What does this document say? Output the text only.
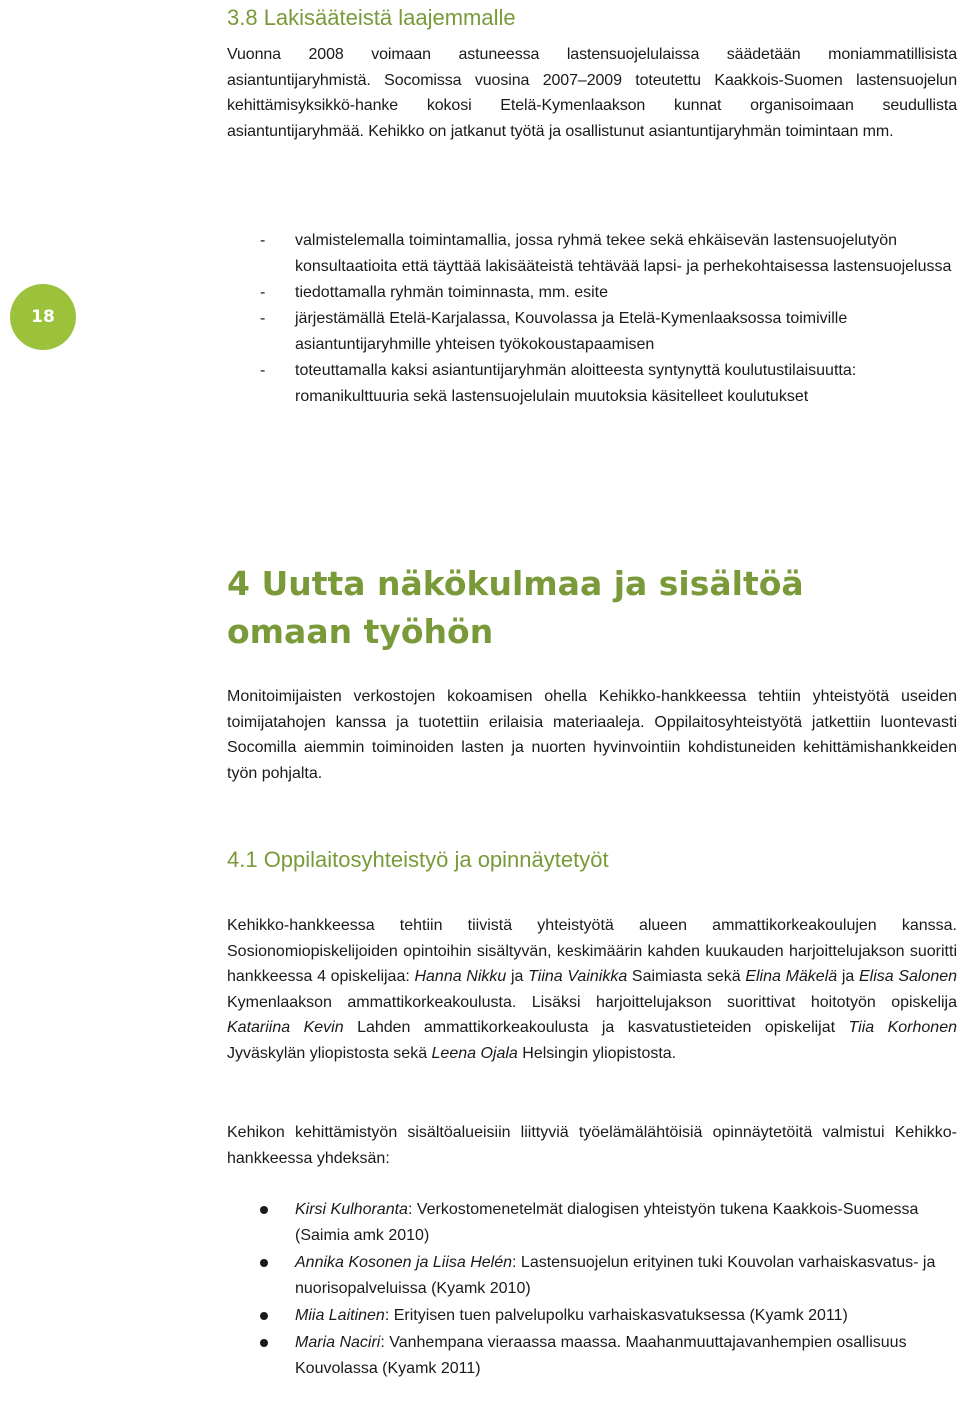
3.8 Lakisääteistä laajemmalle

Vuonna 2008 voimaan astuneessa lastensuojelulaissa säädetään moniammatillisista asiantuntijaryhmistä. Socomissa vuosina 2007–2009 toteutettu Kaakkois-Suomen lastensuojelun kehittämisyksikkö-hanke kokosi Etelä-Kymenlaakson kunnat organisoimaan seudullista asiantuntijaryhmää. Kehikko on jatkanut työtä ja osallistunut asiantuntijaryhmän toimintaan mm.

- valmistelemalla toimintamallia, jossa ryhmä tekee sekä ehkäisevän lastensuojelutyön konsultaatioita että täyttää lakisääteistä tehtävää lapsi- ja perhekohtaisessa lastensuojelussa
- tiedottamalla ryhmän toiminnasta, mm. esite
- järjestämällä Etelä-Karjalassa, Kouvolassa ja Etelä-Kymenlaaksossa toimiville asiantuntijaryhmille yhteisen työkokoustapaamisen
- toteuttamalla kaksi asiantuntijaryhmän aloitteesta syntynyttä koulutustilaisuutta: romanikulttuuria sekä lastensuojelulain muutoksia käsitelleet koulutukset
18
4 Uutta näkökulmaa ja sisältöä omaan työhön

Monitoimijaisten verkostojen kokoamisen ohella Kehikko-hankkeessa tehtiin yhteistyötä useiden toimijatahojen kanssa ja tuotettiin erilaisia materiaaleja. Oppilaitosyhteistyötä jatkettiin luontevasti Socomilla aiemmin toiminoiden lasten ja nuorten hyvinvointiin kohdistuneiden kehittämishankkeiden työn pohjalta.

4.1 Oppilaitosyhteistyö ja opinnäytetyöt

Kehikko-hankkeessa tehtiin tiivistä yhteistyötä alueen ammattikorkeakoulujen kanssa. Sosionomiopiskelijoiden opintoihin sisältyvän, keskimäärin kahden kuukauden harjoittelujakson suoritti hankkeessa 4 opiskelijaa: Hanna Nikku ja Tiina Vainikka Saimiasta sekä Elina Mäkelä ja Elisa Salonen Kymenlaakson ammattikorkeakoulusta. Lisäksi harjoittelujakson suorittivat hoitotyön opiskelija Katariina Kevin Lahden ammattikorkeakoulusta ja kasvatustieteiden opiskelijat Tiia Korhonen Jyväskylän yliopistosta sekä Leena Ojala Helsingin yliopistosta.

Kehikon kehittämistyön sisältöalueisiin liittyviä työelämälähtöisiä opinnäytetöitä valmistui Kehikko-hankkeessa yhdeksän:

Kirsi Kulhoranta: Verkostomenetelmät dialogisen yhteistyön tukena Kaakkois-Suomessa (Saimia amk 2010)
Annika Kosonen ja Liisa Helén: Lastensuojelun erityinen tuki Kouvolan varhaiskasvatus- ja nuorisopalveluissa (Kyamk 2010)
Miia Laitinen: Erityisen tuen palvelupolku varhaiskasvatuksessa (Kyamk 2011)
Maria Naciri: Vanhempana vieraassa maassa. Maahanmuuttajavanhempien osallisuus Kouvolassa (Kyamk 2011)
